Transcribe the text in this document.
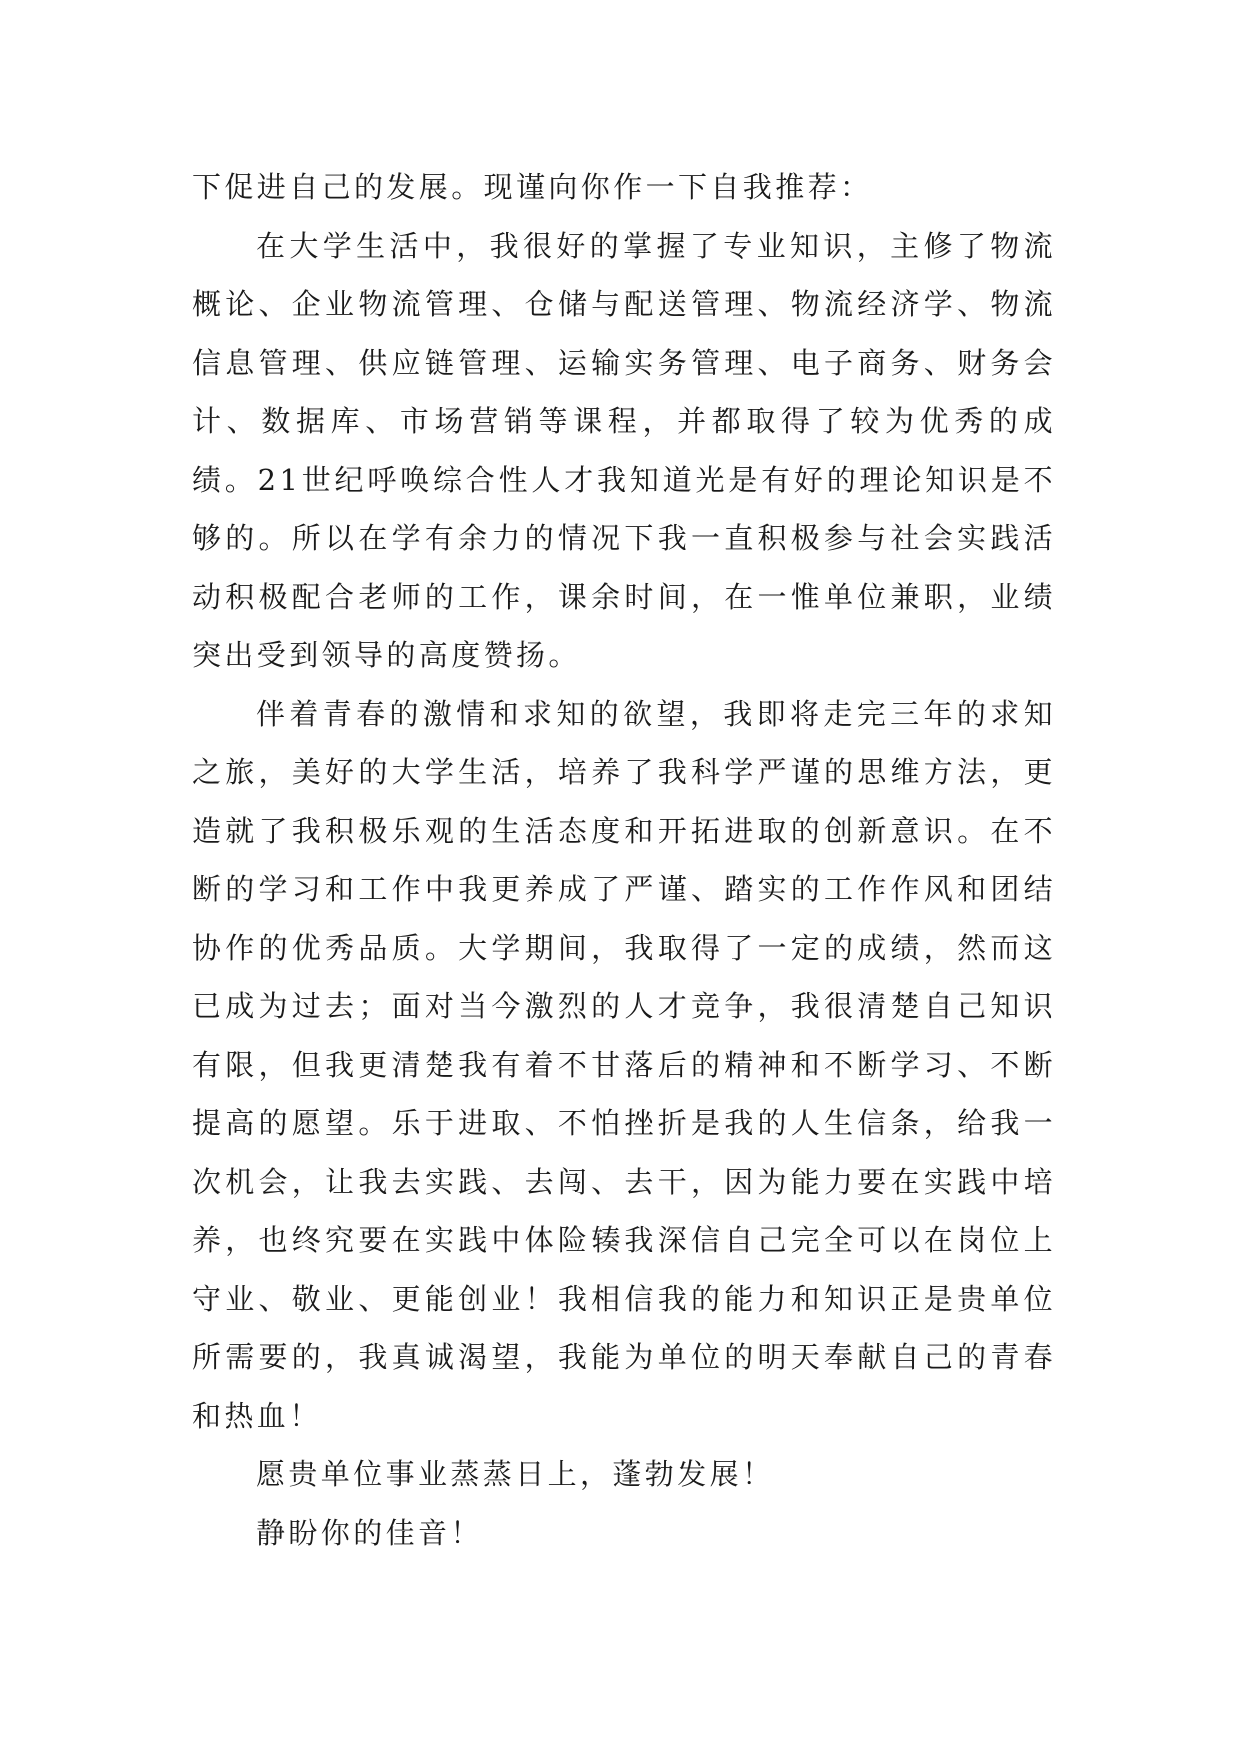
下促进自己的发展。现谨向你作一下自我推荐：

在大学生活中，我很好的掌握了专业知识，主修了物流概论、企业物流管理、仓储与配送管理、物流经济学、物流信息管理、供应链管理、运输实务管理、电子商务、财务会计、数据库、市场营销等课程，并都取得了较为优秀的成绩。21世纪呼唤综合性人才我知道光是有好的理论知识是不够的。所以在学有余力的情况下我一直积极参与社会实践活动积极配合老师的工作，课余时间，在一惟单位兼职，业绩突出受到领导的高度赞扬。

伴着青春的激情和求知的欲望，我即将走完三年的求知之旅，美好的大学生活，培养了我科学严谨的思维方法，更造就了我积极乐观的生活态度和开拓进取的创新意识。在不断的学习和工作中我更养成了严谨、踏实的工作作风和团结协作的优秀品质。大学期间，我取得了一定的成绩，然而这已成为过去；面对当今激烈的人才竞争，我很清楚自己知识有限，但我更清楚我有着不甘落后的精神和不断学习、不断提高的愿望。乐于进取、不怕挫折是我的人生信条，给我一次机会，让我去实践、去闯、去干，因为能力要在实践中培养，也终究要在实践中体险辏我深信自己完全可以在岗位上守业、敬业、更能创业！我相信我的能力和知识正是贵单位所需要的，我真诚渴望，我能为单位的明天奉献自己的青春和热血！

愿贵单位事业蒸蒸日上，蓬勃发展！

静盼你的佳音！
